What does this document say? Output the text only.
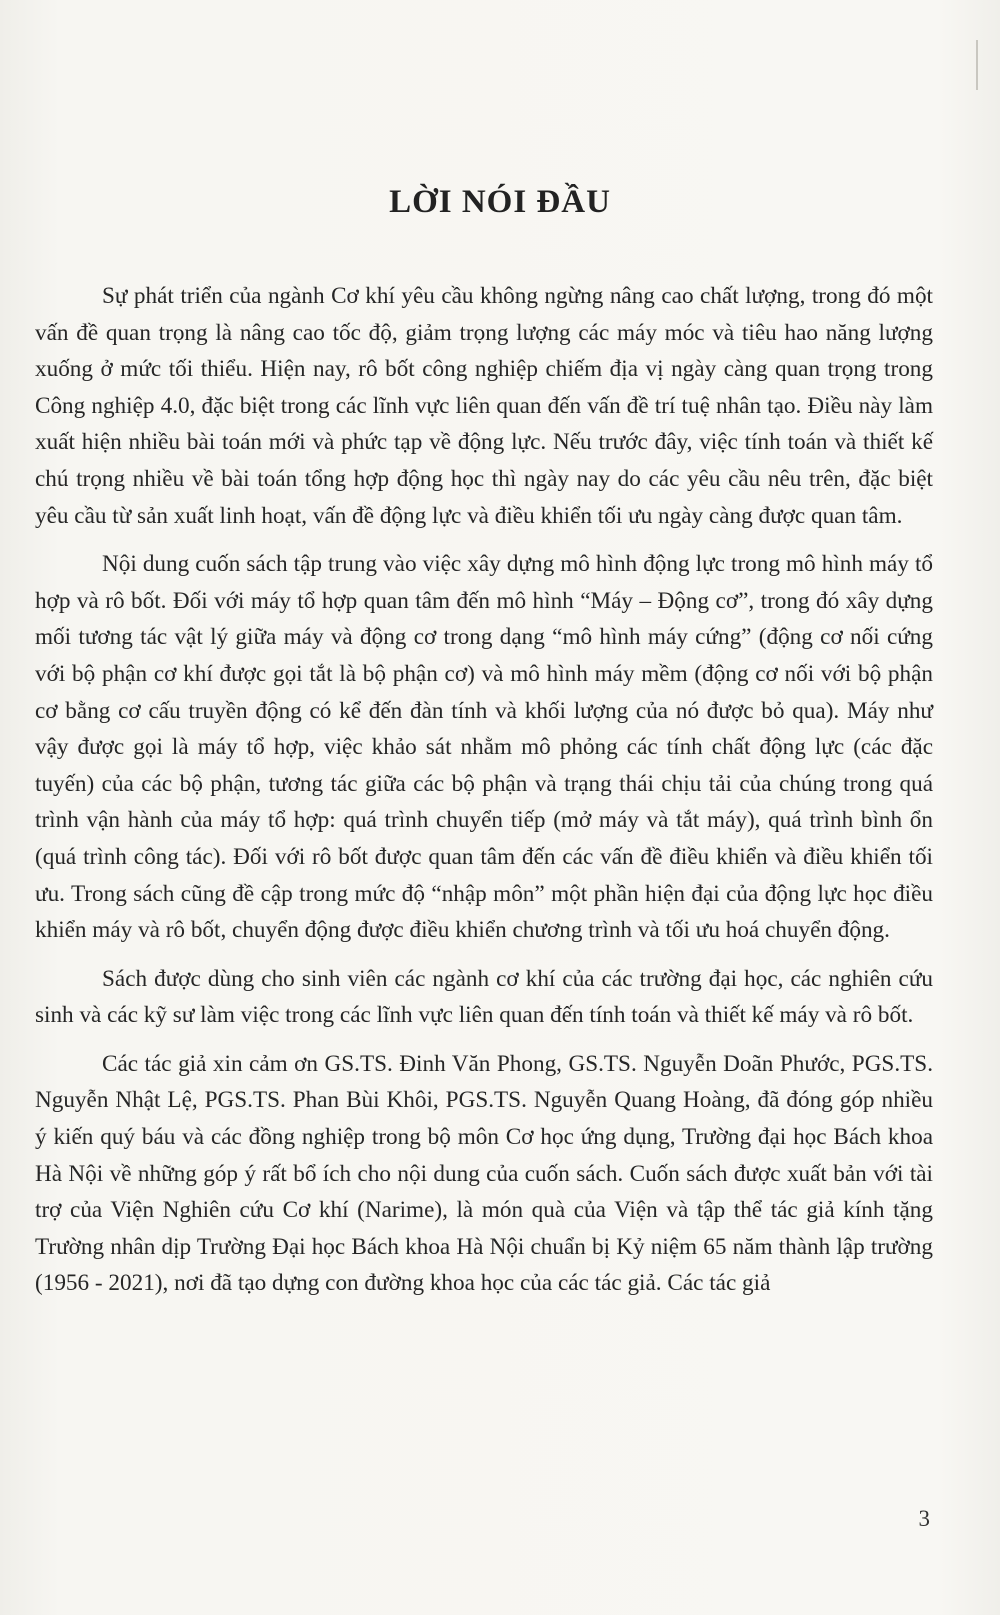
LỜI NÓI ĐẦU

Sự phát triển của ngành Cơ khí yêu cầu không ngừng nâng cao chất lượng, trong đó một vấn đề quan trọng là nâng cao tốc độ, giảm trọng lượng các máy móc và tiêu hao năng lượng xuống ở mức tối thiểu. Hiện nay, rô bốt công nghiệp chiếm địa vị ngày càng quan trọng trong Công nghiệp 4.0, đặc biệt trong các lĩnh vực liên quan đến vấn đề trí tuệ nhân tạo. Điều này làm xuất hiện nhiều bài toán mới và phức tạp về động lực. Nếu trước đây, việc tính toán và thiết kế chú trọng nhiều về bài toán tổng hợp động học thì ngày nay do các yêu cầu nêu trên, đặc biệt yêu cầu từ sản xuất linh hoạt, vấn đề động lực và điều khiển tối ưu ngày càng được quan tâm.

Nội dung cuốn sách tập trung vào việc xây dựng mô hình động lực trong mô hình máy tổ hợp và rô bốt. Đối với máy tổ hợp quan tâm đến mô hình “Máy – Động cơ”, trong đó xây dựng mối tương tác vật lý giữa máy và động cơ trong dạng “mô hình máy cứng” (động cơ nối cứng với bộ phận cơ khí được gọi tắt là bộ phận cơ) và mô hình máy mềm (động cơ nối với bộ phận cơ bằng cơ cấu truyền động có kể đến đàn tính và khối lượng của nó được bỏ qua). Máy như vậy được gọi là máy tổ hợp, việc khảo sát nhằm mô phỏng các tính chất động lực (các đặc tuyến) của các bộ phận, tương tác giữa các bộ phận và trạng thái chịu tải của chúng trong quá trình vận hành của máy tổ hợp: quá trình chuyển tiếp (mở máy và tắt máy), quá trình bình ổn (quá trình công tác). Đối với rô bốt được quan tâm đến các vấn đề điều khiển và điều khiển tối ưu. Trong sách cũng đề cập trong mức độ “nhập môn” một phần hiện đại của động lực học điều khiển máy và rô bốt, chuyển động được điều khiển chương trình và tối ưu hoá chuyển động.

Sách được dùng cho sinh viên các ngành cơ khí của các trường đại học, các nghiên cứu sinh và các kỹ sư làm việc trong các lĩnh vực liên quan đến tính toán và thiết kế máy và rô bốt.

Các tác giả xin cảm ơn GS.TS. Đinh Văn Phong, GS.TS. Nguyễn Doãn Phước, PGS.TS. Nguyễn Nhật Lệ, PGS.TS. Phan Bùi Khôi, PGS.TS. Nguyễn Quang Hoàng, đã đóng góp nhiều ý kiến quý báu và các đồng nghiệp trong bộ môn Cơ học ứng dụng, Trường đại học Bách khoa Hà Nội về những góp ý rất bổ ích cho nội dung của cuốn sách. Cuốn sách được xuất bản với tài trợ của Viện Nghiên cứu Cơ khí (Narime), là món quà của Viện và tập thể tác giả kính tặng Trường nhân dịp Trường Đại học Bách khoa Hà Nội chuẩn bị Kỷ niệm 65 năm thành lập trường (1956 - 2021), nơi đã tạo dựng con đường khoa học của các tác giả. Các tác giả

3
